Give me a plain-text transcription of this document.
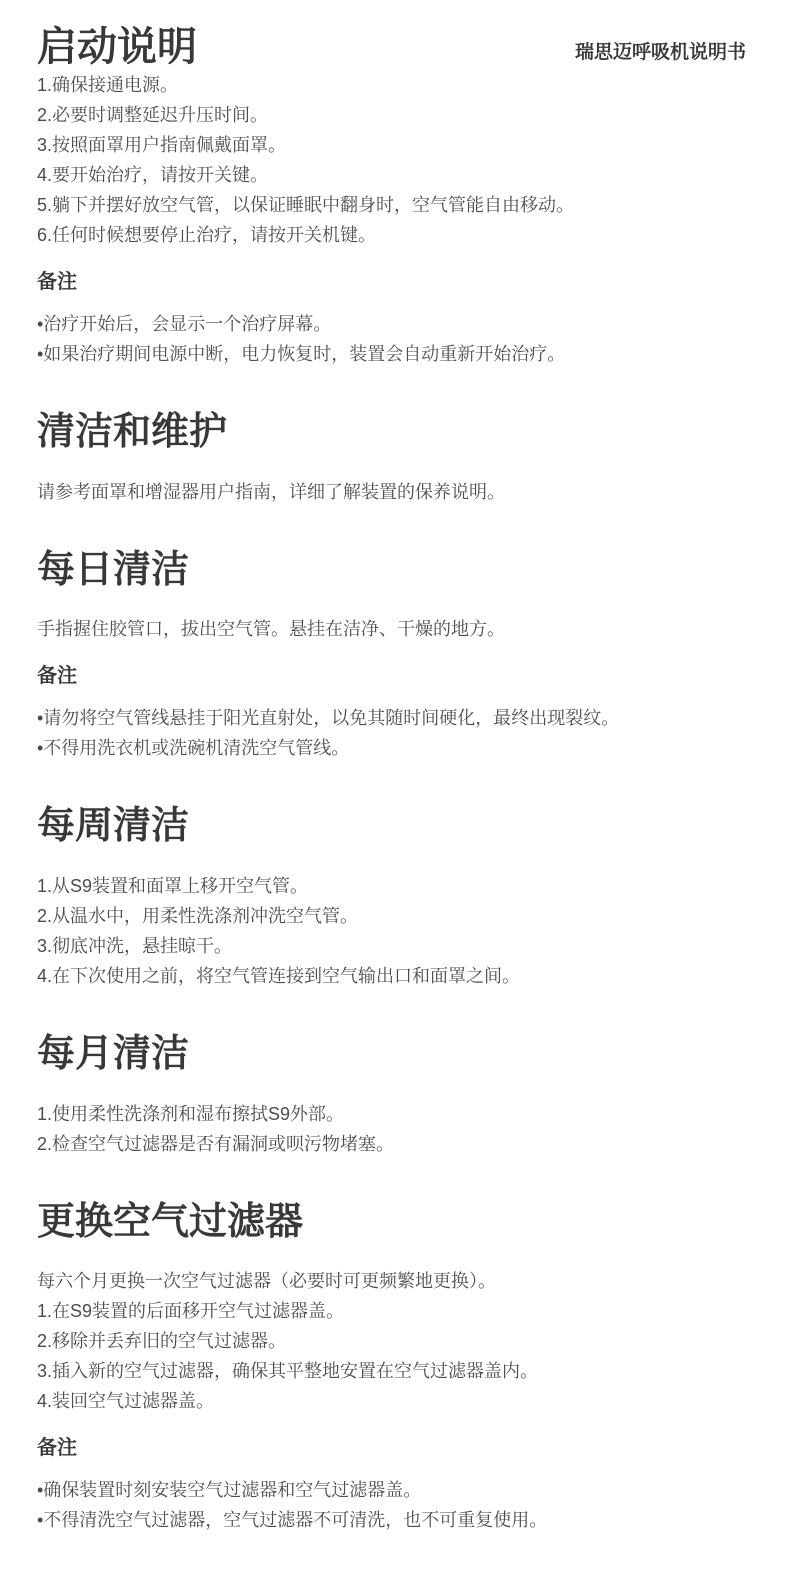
启动说明	瑞思迈呼吸机说明书
1.确保接通电源。
2.必要时调整延迟升压时间。
3.按照面罩用户指南佩戴面罩。
4.要开始治疗，请按开关键。
5.躺下并摆好放空气管，以保证睡眠中翻身时，空气管能自由移动。
6.任何时候想要停止治疗，请按开关机键。
备注
•治疗开始后，会显示一个治疗屏幕。
•如果治疗期间电源中断，电力恢复时，装置会自动重新开始治疗。
清洁和维护

请参考面罩和增湿器用户指南，详细了解装置的保养说明。

每日清洁

手指握住胶管口，拔出空气管。悬挂在洁净、干燥的地方。

备注
•请勿将空气管线悬挂于阳光直射处，以免其随时间硬化，最终出现裂纹。
•不得用洗衣机或洗碗机清洗空气管线。
每周清洁
1.从S9装置和面罩上移开空气管。
2.从温水中，用柔性洗涤剂冲洗空气管。
3.彻底冲洗，悬挂晾干。
4.在下次使用之前，将空气管连接到空气输出口和面罩之间。
每月清洁
1.使用柔性洗涤剂和湿布擦拭S9外部。
2.检查空气过滤器是否有漏洞或呗污物堵塞。
更换空气过滤器

每六个月更换一次空气过滤器（必要时可更频繁地更换）。

1.在S9装置的后面移开空气过滤器盖。
2.移除并丢弃旧的空气过滤器。
3.插入新的空气过滤器，确保其平整地安置在空气过滤器盖内。
4.装回空气过滤器盖。
备注
•确保装置时刻安装空气过滤器和空气过滤器盖。
•不得清洗空气过滤器，空气过滤器不可清洗，也不可重复使用。
